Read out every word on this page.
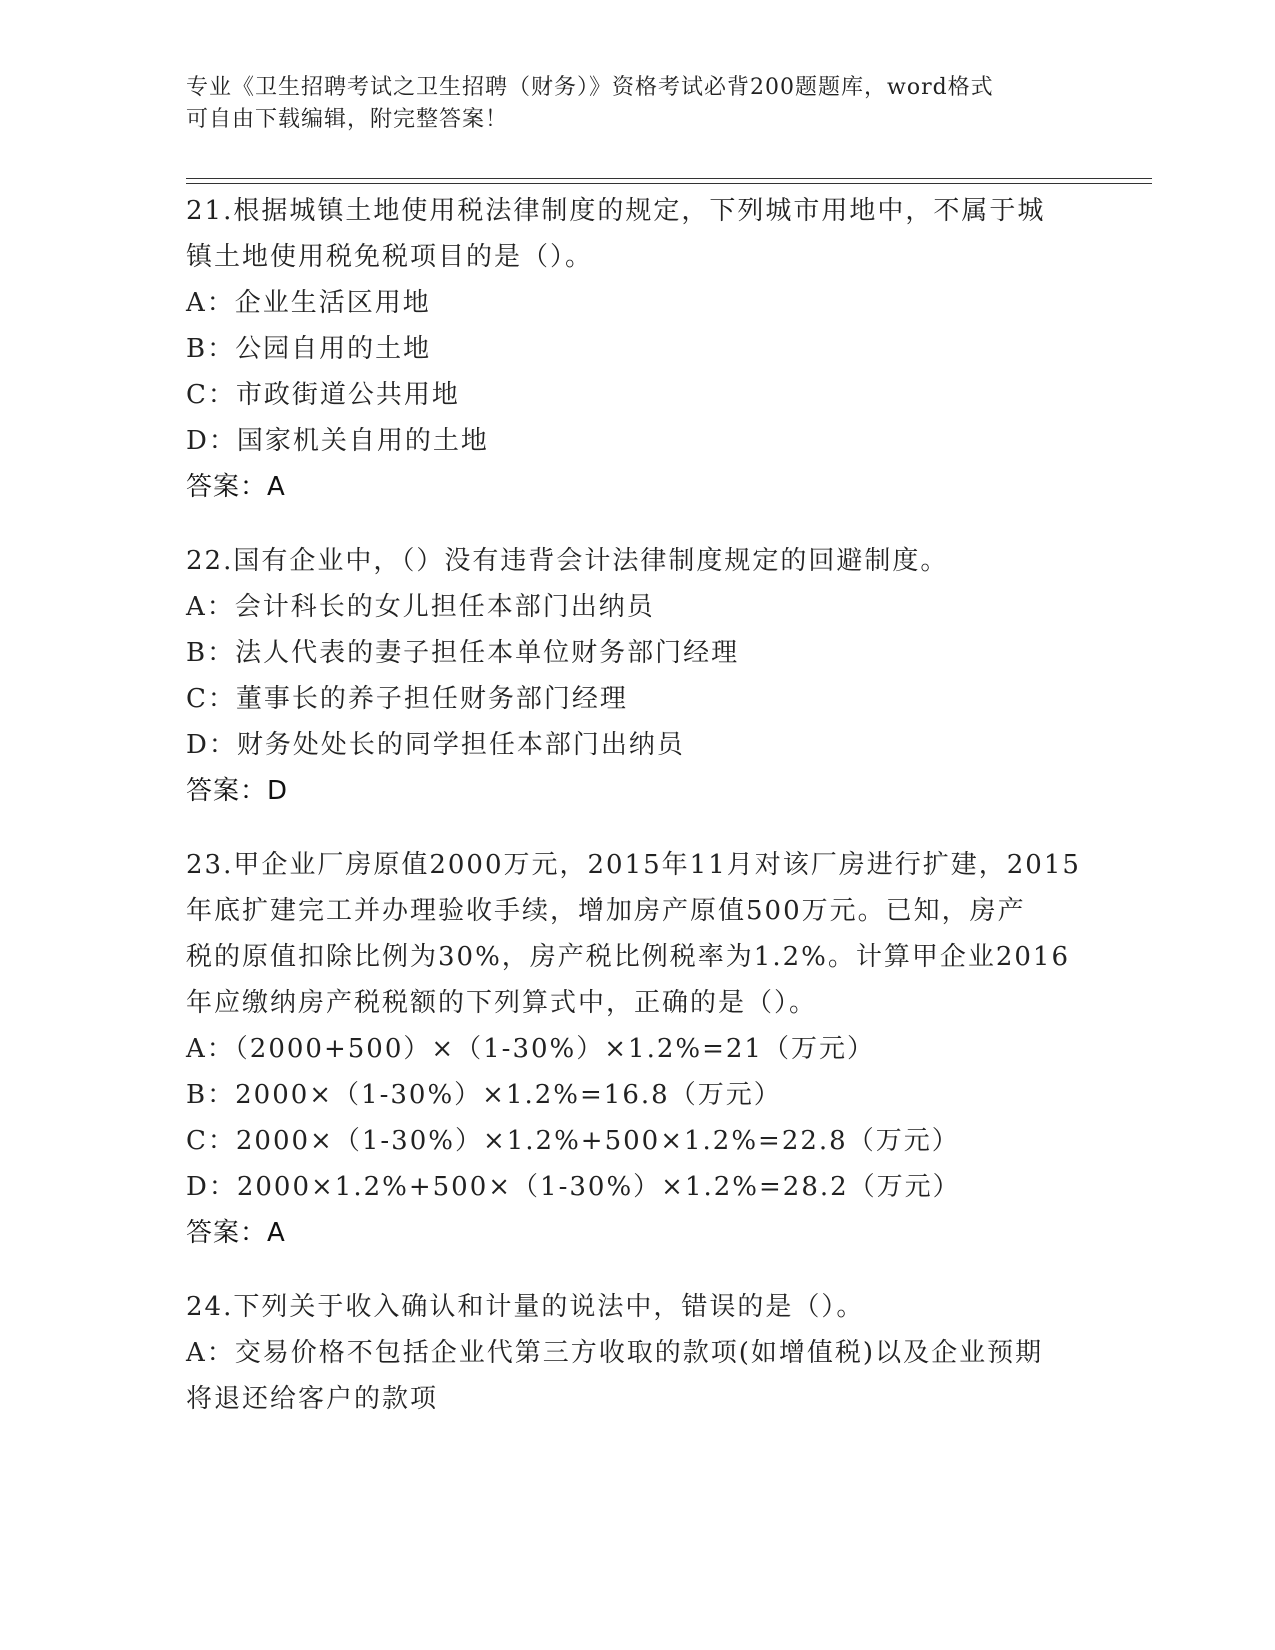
专业《卫生招聘考试之卫生招聘（财务）》资格考试必背200题题库，word格式
可自由下载编辑，附完整答案！
21.根据城镇土地使用税法律制度的规定，下列城市用地中，不属于城
镇土地使用税免税项目的是（）。
A：企业生活区用地
B：公园自用的土地
C：市政街道公共用地
D：国家机关自用的土地
答案：A
22.国有企业中，（）没有违背会计法律制度规定的回避制度。
A：会计科长的女儿担任本部门出纳员
B：法人代表的妻子担任本单位财务部门经理
C：董事长的养子担任财务部门经理
D：财务处处长的同学担任本部门出纳员
答案：D
23.甲企业厂房原值2000万元，2015年11月对该厂房进行扩建，2015
年底扩建完工并办理验收手续，增加房产原值500万元。已知，房产
税的原值扣除比例为30%，房产税比例税率为1.2%。计算甲企业2016
年应缴纳房产税税额的下列算式中，正确的是（）。
A：（2000+500）×（1-30%）×1.2%=21（万元）
B：2000×（1-30%）×1.2%=16.8（万元）
C：2000×（1-30%）×1.2%+500×1.2%=22.8（万元）
D：2000×1.2%+500×（1-30%）×1.2%=28.2（万元）
答案：A
24.下列关于收入确认和计量的说法中，错误的是（）。
A：交易价格不包括企业代第三方收取的款项(如增值税)以及企业预期
将退还给客户的款项
